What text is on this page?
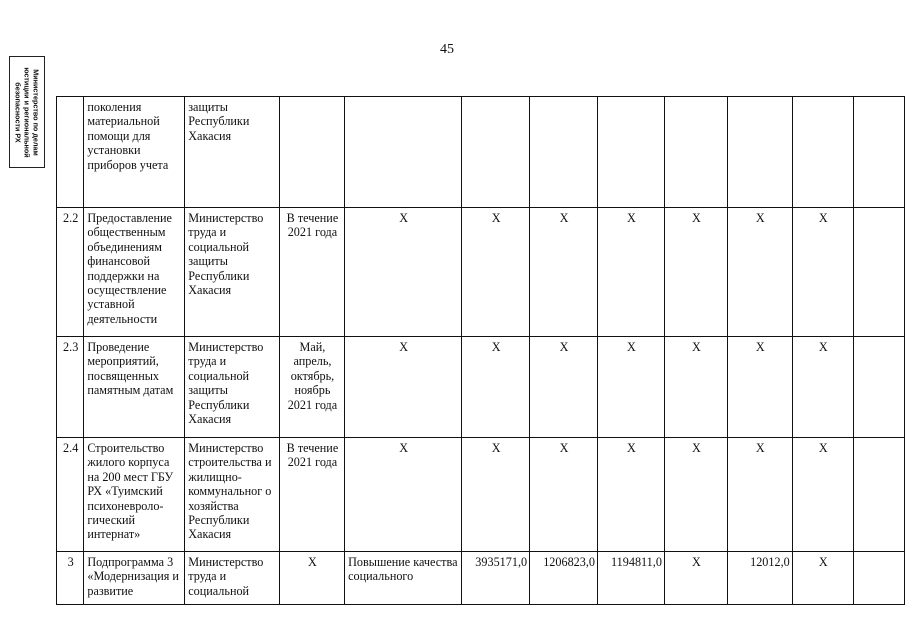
45
Министерство по делам
юстиции и региональной
безопасности РХ
		поколения материальной помощи для установки приборов учета	защиты Республики Хакасия									
2.2	Предоставление общественным объединениям финансовой поддержки на осуществление уставной деятельности	Министерство труда и социальной защиты Республики Хакасия	В течение 2021 года	Х	Х	Х	Х	Х	Х	Х	
2.3	Проведение мероприятий, посвященных памятным датам	Министерство труда и социальной защиты Республики Хакасия	Май, апрель, октябрь, ноябрь 2021 года	Х	Х	Х	Х	Х	Х	Х	
2.4	Строительство жилого корпуса на 200 мест ГБУ РХ «Туимский психоневроло-гический интернат»	Министерство строительства и жилищно-коммунальног о хозяйства Республики Хакасия	В течение 2021 года	Х	Х	Х	Х	Х	Х	Х	
3	Подпрограмма 3 «Модернизация и развитие	Министерство труда и социальной	Х	Повышение качества социального	3935171,0	1206823,0	1194811,0	Х	12012,0	Х	
